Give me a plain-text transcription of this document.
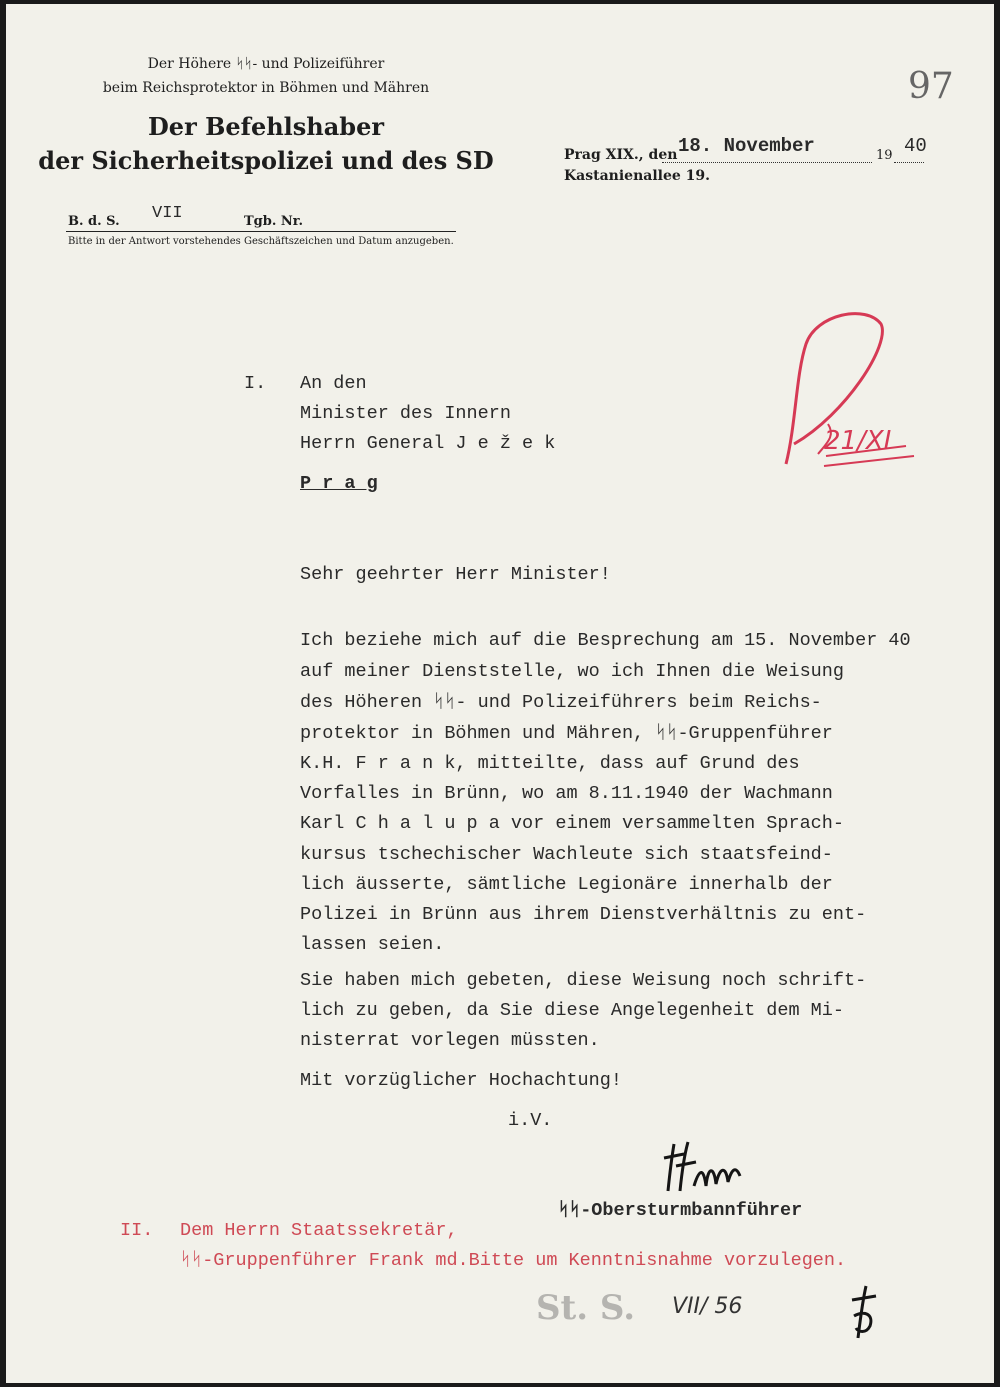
Der Höhere ᛋᛋ- und Polizeiführer
beim Reichsprotektor in Böhmen und Mähren
Der Befehlshaber
der Sicherheitspolizei und des SD
B. d. S. VII	Tgb. Nr.
Bitte in der Antwort vorstehendes Geschäftszeichen und Datum anzugeben.
97
Prag XIX., den 18. November	19 40
Kastanienallee 19.
21/XI
I. An den
Minister des Innern
Herrn General J e ž e k
P r a g
Sehr geehrter Herr Minister!
Ich beziehe mich auf die Besprechung am 15. November 40
auf meiner Dienststelle, wo ich Ihnen die Weisung
des Höheren ᛋᛋ- und Polizeiführers beim Reichs-
protektor in Böhmen und Mähren, ᛋᛋ-Gruppenführer
K.H. F r a n k, mitteilte, dass auf Grund des
Vorfalles in Brünn, wo am 8.11.1940 der Wachmann
Karl C h a l u p a vor einem versammelten Sprach-
kursus tschechischer Wachleute sich staatsfeind-
lich äusserte, sämtliche Legionäre innerhalb der
Polizei in Brünn aus ihrem Dienstverhältnis zu ent-
lassen seien.
Sie haben mich gebeten, diese Weisung noch schrift-
lich zu geben, da Sie diese Angelegenheit dem Mi-
nisterrat vorlegen müssten.
Mit vorzüglicher Hochachtung!
i.V.
ᛋᛋ-Obersturmbannführer
II. Dem Herrn Staatssekretär,
ᛋᛋ-Gruppenführer Frank md.Bitte um Kenntnisnahme vorzulegen.
St. S. VII/ 56
